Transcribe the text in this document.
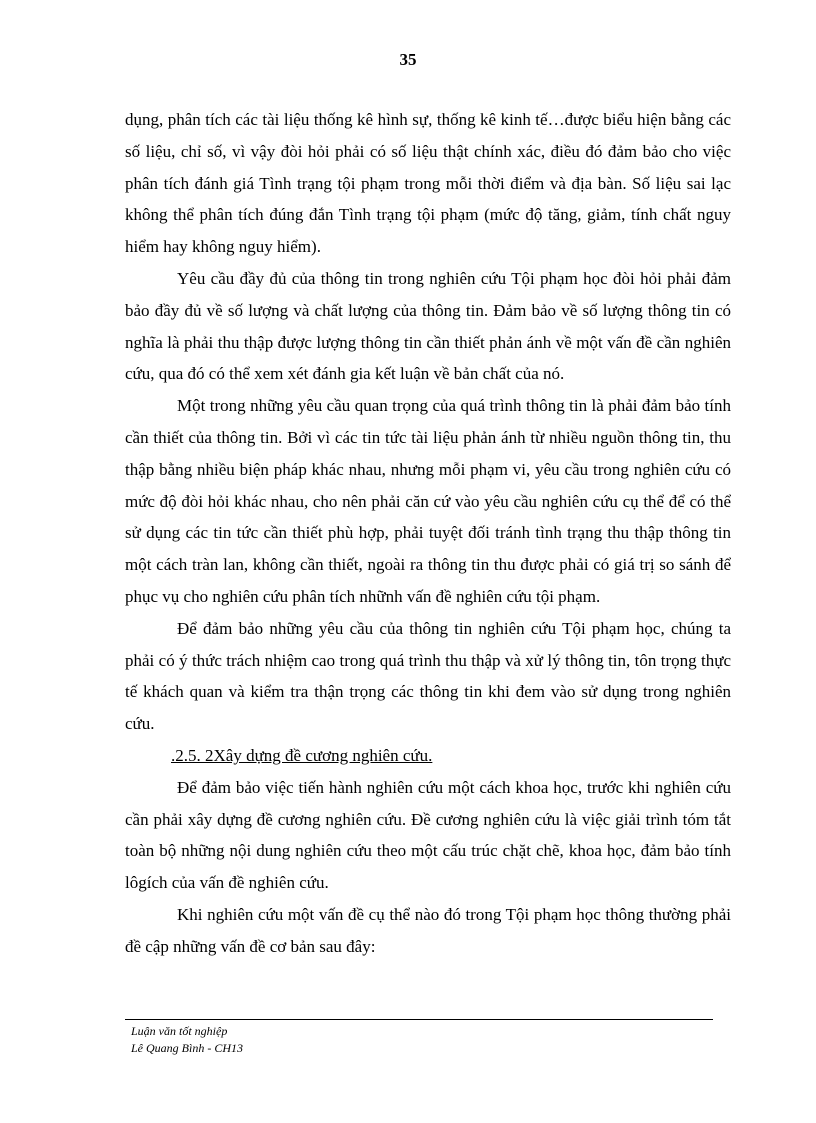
35

dụng, phân tích các tài liệu thống kê hình sự, thống kê kinh tế…được biểu hiện bằng các số liệu, chỉ số, vì vậy đòi hỏi phải có số liệu thật chính xác, điều đó đảm bảo cho việc phân tích đánh giá Tình trạng tội phạm trong mỗi thời điểm và địa bàn. Số liệu sai lạc không thể phân tích đúng đắn Tình trạng tội phạm (mức độ tăng, giảm, tính chất nguy hiểm hay không nguy hiểm).

Yêu cầu đầy đủ của thông tin trong nghiên cứu Tội phạm học đòi hỏi phải đảm bảo đầy đủ về số lượng và chất lượng của thông tin. Đảm bảo về số lượng thông tin có nghĩa là phải thu thập được lượng thông tin cần thiết phản ánh về một vấn đề cần nghiên cứu, qua đó có thể xem xét đánh gia kết luận về bản chất của nó.

Một trong những yêu cầu quan trọng của quá trình thông tin là phải đảm bảo tính cần thiết của thông tin. Bởi vì các tin tức tài liệu phản ánh từ nhiều nguồn thông tin, thu thập bằng nhiều biện pháp khác nhau, nhưng mỗi phạm vi, yêu cầu trong nghiên cứu có mức độ đòi hỏi khác nhau, cho nên phải căn cứ vào yêu cầu nghiên cứu cụ thể để có thể sử dụng các tin tức cần thiết phù hợp, phải tuyệt đối tránh tình trạng thu thập thông tin một cách tràn lan, không cần thiết, ngoài ra thông tin thu được phải có giá trị so sánh để phục vụ cho nghiên cứu phân tích nhữnh vấn đề nghiên cứu tội phạm.

Để đảm bảo những yêu cầu của thông tin nghiên cứu Tội phạm học, chúng ta phải có ý thức trách nhiệm cao trong quá trình thu thập và xử lý thông tin, tôn trọng thực tế khách quan và kiểm tra thận trọng các thông tin khi đem vào sử dụng trong nghiên cứu.

.2.5. 2Xây dựng đề cương nghiên cứu.

Để đảm bảo việc tiến hành nghiên cứu một cách khoa học, trước khi nghiên cứu cần phải xây dựng đề cương nghiên cứu. Đề cương nghiên cứu là việc giải trình tóm tắt toàn bộ những nội dung nghiên cứu theo một cấu trúc chặt chẽ, khoa học, đảm bảo tính lôgích của vấn đề nghiên cứu.

Khi nghiên cứu một vấn đề cụ thể nào đó trong Tội phạm học thông thường phải đề cập những vấn đề cơ bản sau đây:

Luận văn tốt nghiệp
Lê Quang Bình - CH13
